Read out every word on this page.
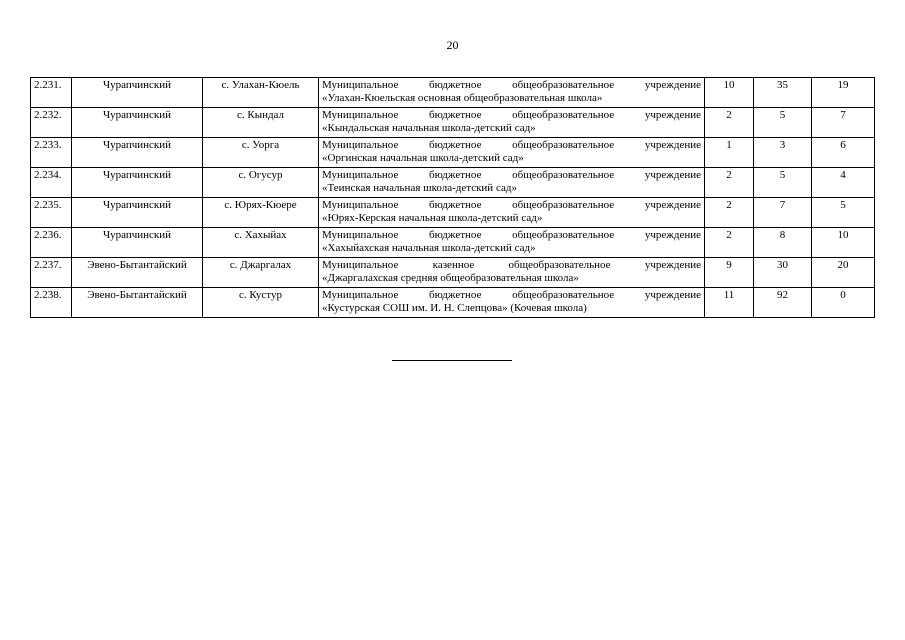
20
2.231.	Чурапчинский	с. Улахан-Кюель	Муниципальное бюджетное общеобразовательное учреждение
«Улахан-Кюельская основная общеобразовательная школа»	10	35	19
2.232.	Чурапчинский	с. Кындал	Муниципальное бюджетное общеобразовательное учреждение
«Кындальская начальная школа-детский сад»	2	5	7
2.233.	Чурапчинский	с. Уорга	Муниципальное бюджетное общеобразовательное учреждение
«Оргинская начальная школа-детский сад»	1	3	6
2.234.	Чурапчинский	с. Огусур	Муниципальное бюджетное общеобразовательное учреждение
«Теинская начальная школа-детский сад»	2	5	4
2.235.	Чурапчинский	с. Юрях-Кюере	Муниципальное бюджетное общеобразовательное учреждение
«Юрях-Керская начальная школа-детский сад»	2	7	5
2.236.	Чурапчинский	с. Хахыйах	Муниципальное бюджетное общеобразовательное учреждение
«Хахыйахская начальная школа-детский сад»	2	8	10
2.237.	Эвено-Бытантайский	с. Джаргалах	Муниципальное казенное общеобразовательное учреждение
«Джаргалахская средняя общеобразовательная школа»	9	30	20
2.238.	Эвено-Бытантайский	с. Кустур	Муниципальное бюджетное общеобразовательное учреждение
«Кустурская СОШ им. И. Н. Слепцова» (Кочевая школа)	11	92	0
